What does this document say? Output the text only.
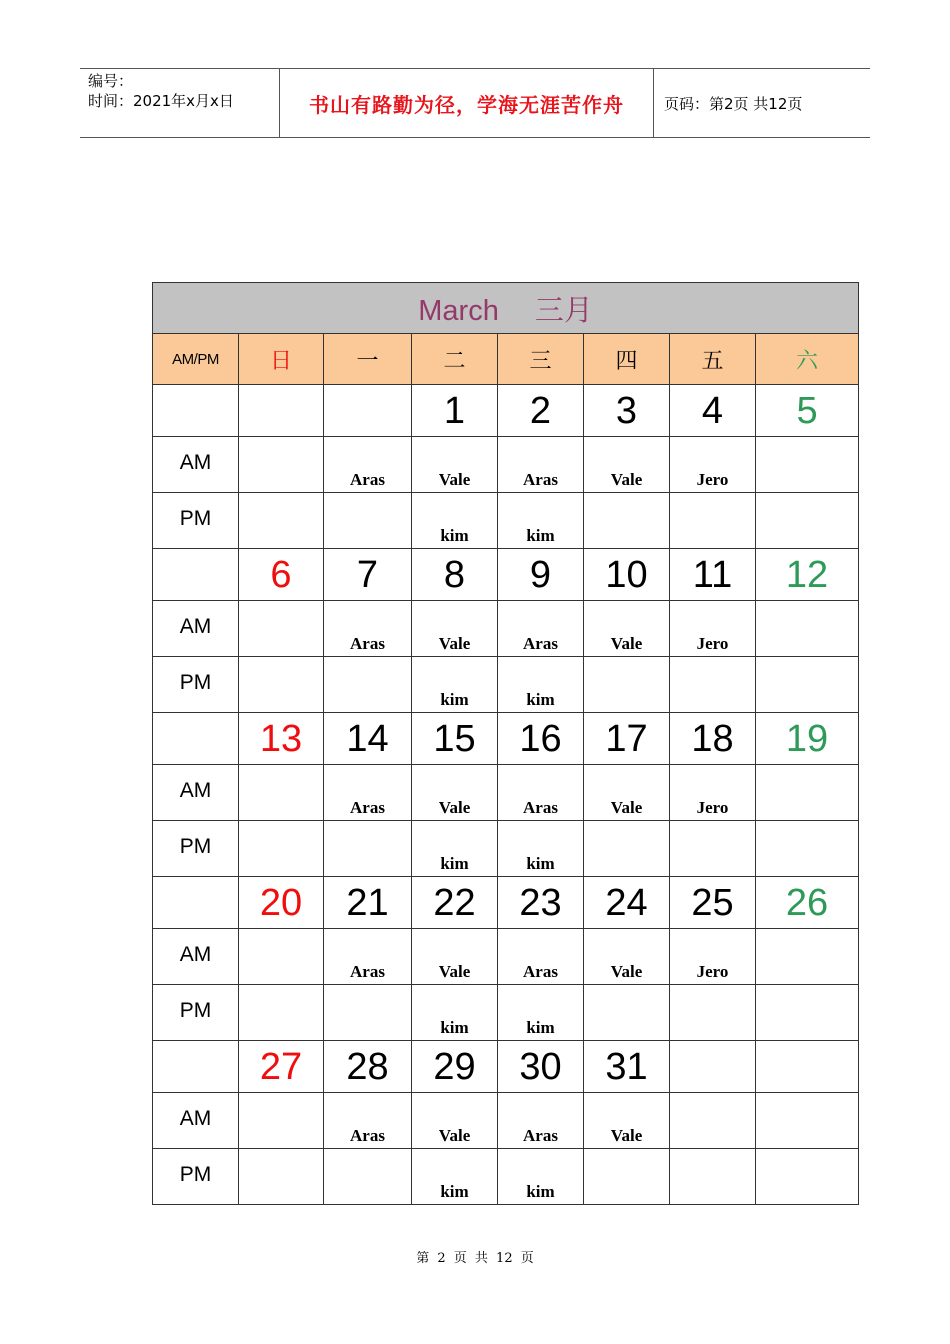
编号：
时间：2021年x月x日	书山有路勤为径，学海无涯苦作舟	页码：第2页 共12页
March 三月							
AM/PM	日	一	二	三	四	五	六
			1	2	3	4	5
AM		Aras	Vale	Aras	Vale	Jero	
PM			kim	kim			
	6	7	8	9	10	11	12
AM		Aras	Vale	Aras	Vale	Jero	
PM			kim	kim			
	13	14	15	16	17	18	19
AM		Aras	Vale	Aras	Vale	Jero	
PM			kim	kim			
	20	21	22	23	24	25	26
AM		Aras	Vale	Aras	Vale	Jero	
PM			kim	kim			
	27	28	29	30	31		
AM		Aras	Vale	Aras	Vale		
PM			kim	kim			
第 2 页 共 12 页
